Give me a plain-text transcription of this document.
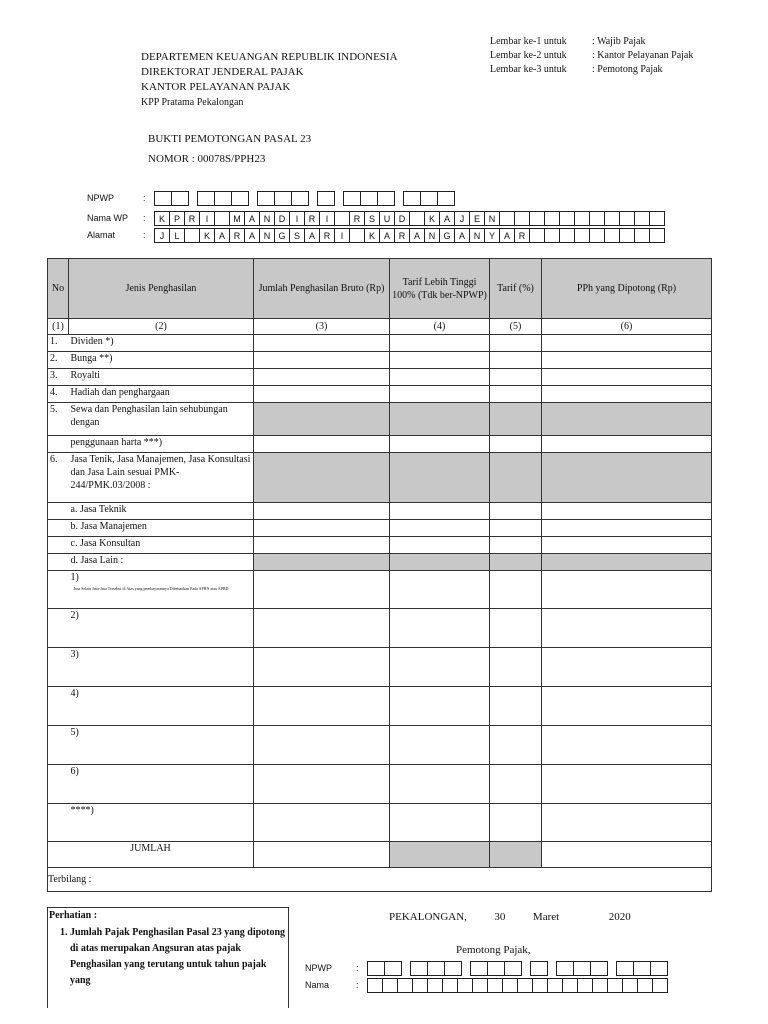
DEPARTEMEN KEUANGAN REPUBLIK INDONESIA
DIREKTORAT JENDERAL PAJAK
KANTOR PELAYANAN PAJAK
KPP Pratama Pekalongan
Lembar ke-1 untuk	: Wajib Pajak
Lembar ke-2 untuk	: Kantor Pelayanan Pajak
Lembar ke-3 untuk	: Pemotong Pajak
BUKTI PEMOTONGAN PASAL 23
NOMOR : 00078S/PPH23
NPWP	:
Nama WP	:	K P R	I	M A N D	I	R	I	R S U D	K A	J	E N
Alamat	:	J	L	K A R A N G S A R	I	K A R A N G A N Y A R
No	Jenis Penghasilan	Jumlah Penghasilan Bruto (Rp)	Tarif Lebih Tinggi 100% (Tdk ber-NPWP)	Tarif (%)	PPh yang Dipotong (Rp)
(1)	(2)	(3)	(4)	(5)	(6)
1.	Dividen *)				
2.	Bunga **)				
3.	Royalti				
4.	Hadiah dan penghargaan				
5.	Sewa dan Penghasilan lain sehubungan dengan				
	penggunaan harta ***)				
6.	Jasa Tenik, Jasa Manajemen, Jasa Konsultasi dan Jasa Lain sesuai PMK-244/PMK.03/2008 :				
	a. Jasa Teknik				
	b. Jasa Manajemen				
	c. Jasa Konsultan				
	d. Jasa Lain :				
	1)Jasa Selain Jasa-Jasa Tersebut di Atas yang pembayarannya Dibebankan Pada APBN atau APBD				
	2)				
	3)				
	4)				
	5)				
	6)				
	****)				
JUMLAH					
Terbilang :					
Perhatian :
1. Jumlah Pajak Penghasilan Pasal 23 yang dipotong di atas merupakan Angsuran atas pajak Penghasilan yang terutang untuk tahun pajak yang
PEKALONGAN,	30	Maret	2020
Pemotong Pajak,
NPWP	:
Nama	:
